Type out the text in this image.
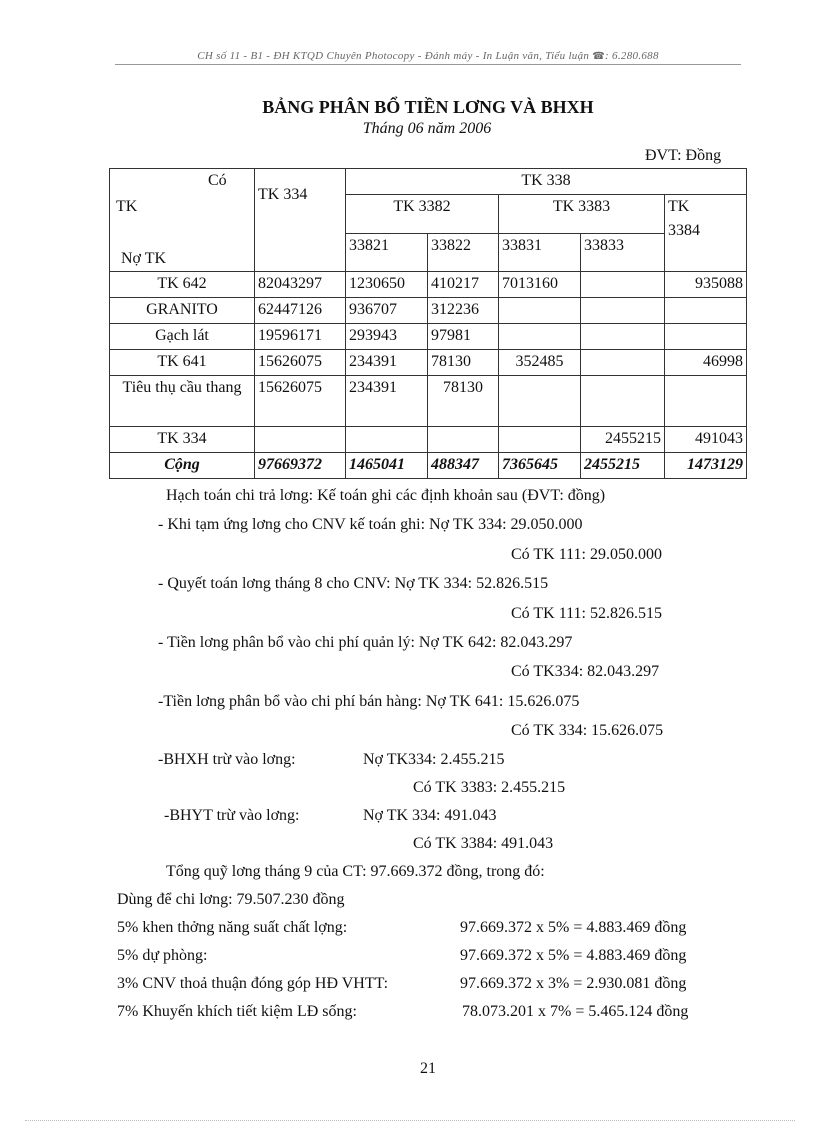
CH số 11 - B1 - ĐH KTQD Chuyên Photocopy - Đánh máy - In Luận văn, Tiểu luận ☎: 6.280.688
BẢNG PHÂN BỔ TIỀN LƠNG VÀ BHXH
Tháng 06 năm 2006
ĐVT: Đồng
Có
TK
Nợ TK	TK 334	TK 338				
		TK 3382		TK 3383		TK 3384
		33821	33822	33831	33833	

TK 642	82043297	1230650	410217	7013160		935088
GRANITO	62447126	936707	312236			
Gạch lát	19596171	293943	97981			
TK 641	15626075	234391	78130	352485		46998
Tiêu thụ cầu thang	15626075	234391	78130			
TK 334					2455215	491043
Cộng	97669372	1465041	488347	7365645	2455215	1473129
Hạch toán chi trả lơng: Kế toán ghi các định khoản sau (ĐVT: đồng)
- Khi tạm ứng lơng cho CNV kế toán ghi: Nợ TK 334: 29.050.000
Có TK 111: 29.050.000
- Quyết toán lơng tháng 8 cho CNV: Nợ TK 334: 52.826.515
Có TK 111: 52.826.515
- Tiền lơng phân bổ vào chi phí quản lý: Nợ TK 642: 82.043.297
Có TK334: 82.043.297
-Tiền lơng phân bổ vào chi phí bán hàng: Nợ TK 641: 15.626.075
Có TK 334: 15.626.075
-BHXH trừ vào lơng:	Nợ TK334: 2.455.215
Có TK 3383: 2.455.215
-BHYT trừ vào lơng:	Nợ TK 334: 491.043
Có TK 3384: 491.043
Tổng quỹ lơng tháng 9 của CT: 97.669.372 đồng, trong đó:
Dùng để chi lơng: 79.507.230 đồng
5% khen thởng năng suất chất lợng:	97.669.372 x 5% = 4.883.469 đồng
5% dự phòng:	97.669.372 x 5% = 4.883.469 đồng
3% CNV thoả thuận đóng góp HĐ VHTT:	97.669.372 x 3% = 2.930.081 đồng
7% Khuyến khích tiết kiệm LĐ sống:	78.073.201 x 7% = 5.465.124 đồng
21
